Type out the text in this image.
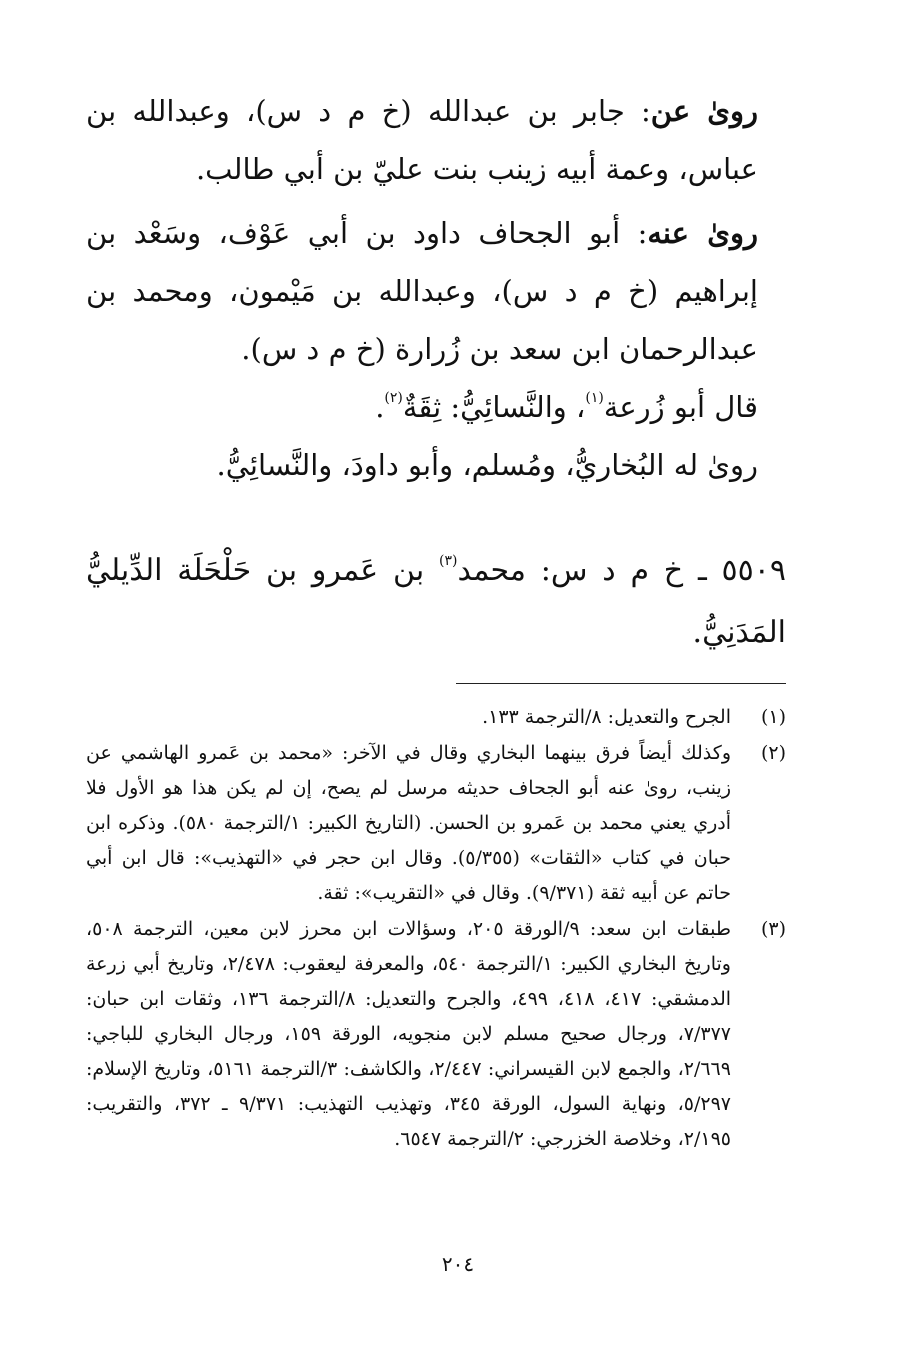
رویٰ عن: جابر بن عبدالله (خ م د س)، وعبدالله بن عباس، وعمة أبيه زينب بنت عليّ بن أبي طالب.

رویٰ عنه: أبو الجحاف داود بن أبي عَوْف، وسَعْد بن إبراهيم (خ م د س)، وعبدالله بن مَيْمون، ومحمد بن عبدالرحمان ابن سعد بن زُرارة (خ م د س).

قال أبو زُرعة$^{(١)}$، والنَّسائِيُّ: ثِقَةٌ$^{(٢)}$.

رویٰ له البُخاريُّ، ومُسلم، وأبو داودَ، والنَّسائِيُّ.

٥٥٠٩ ـ خ م د س: محمد$^{(٣)}$ بن عَمرو بن حَلْحَلَة الدِّيليُّ المَدَنِيُّ.

(١)
الجرح والتعديل: ٨/الترجمة ١٣٣.
(٢)
وكذلك أيضاً فرق بينهما البخاري وقال في الآخر: «محمد بن عَمرو الهاشمي عن زينب، رویٰ عنه أبو الجحاف حديثه مرسل لم يصح، إن لم يكن هذا هو الأول فلا أدري يعني محمد بن عَمرو بن الحسن. (التاريخ الكبير: ١/الترجمة ٥٨٠). وذكره ابن حبان في كتاب «الثقات» (٥/٣٥٥). وقال ابن حجر في «التهذيب»: قال ابن أبي حاتم عن أبيه ثقة (٩/٣٧١). وقال في «التقريب»: ثقة.
(٣)
طبقات ابن سعد: ٩/الورقة ٢٠٥، وسؤالات ابن محرز لابن معين، الترجمة ٥٠٨، وتاريخ البخاري الكبير: ١/الترجمة ٥٤٠، والمعرفة ليعقوب: ٢/٤٧٨، وتاريخ أبي زرعة الدمشقي: ٤١٧، ٤١٨، ٤٩٩، والجرح والتعديل: ٨/الترجمة ١٣٦، وثقات ابن حبان: ٧/٣٧٧، ورجال صحيح مسلم لابن منجويه، الورقة ١٥٩، ورجال البخاري للباجي: ٢/٦٦٩، والجمع لابن القيسراني: ٢/٤٤٧، والكاشف: ٣/الترجمة ٥١٦١، وتاريخ الإسلام: ٥/٢٩٧، ونهاية السول، الورقة ٣٤٥، وتهذيب التهذيب: ٩/٣٧١ ـ ٣٧٢، والتقريب: ٢/١٩٥، وخلاصة الخزرجي: ٢/الترجمة ٦٥٤٧.
٢٠٤
